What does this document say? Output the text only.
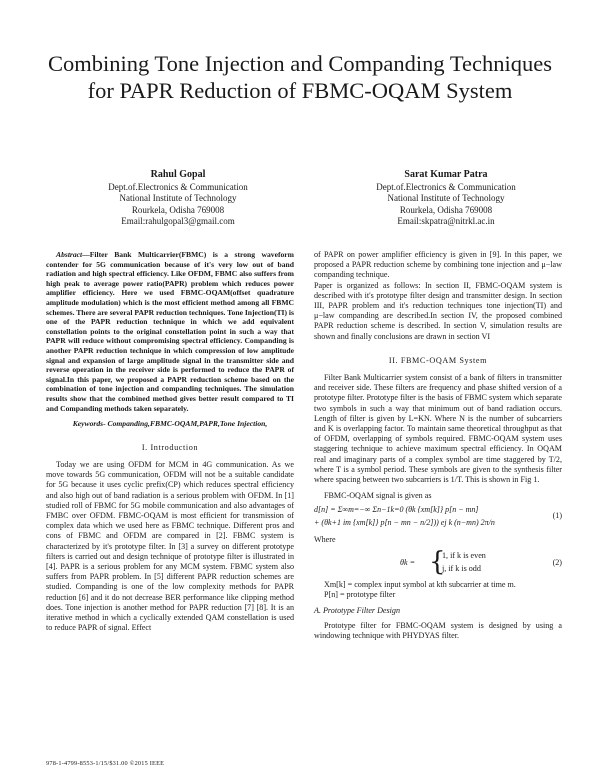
Combining Tone Injection and Companding Techniques for PAPR Reduction of FBMC-OQAM System
Rahul Gopal
Dept.of.Electronics & Communication
National Institute of Technology
Rourkela, Odisha 769008
Email:rahulgopal3@gmail.com
Sarat Kumar Patra
Dept.of.Electronics & Communication
National Institute of Technology
Rourkela, Odisha 769008
Email:skpatra@nitrkl.ac.in

Abstract—Filter Bank Multicarrier(FBMC) is a strong waveform contender for 5G communication because of it's very low out of band radiation and high spectral efficiency. Like OFDM, FBMC also suffers from high peak to average power ratio(PAPR) problem which reduces power amplifier efficiency. Here we used FBMC-OQAM(offset quadrature amplitude modulation) which is the most efficient method among all FBMC schemes. There are several PAPR reduction techniques. Tone Injection(TI) is one of the PAPR reduction technique in which we add equivalent constellation points to the original constellation point in such a way that PAPR will reduce without compromising spectral efficiency. Companding is another PAPR reduction technique in which compression of low amplitude signal and expansion of large amplitude signal in the transmitter side and reverse operation in the receiver side is performed to reduce the PAPR of signal.In this paper, we proposed a PAPR reduction scheme based on the combination of tone injection and companding techniques. The simulation results show that the combined method gives better result compared to TI and Companding methods taken separately.

Keywords- Companding,FBMC-OQAM,PAPR,Tone Injection,

I. Introduction

Today we are using OFDM for MCM in 4G communication. As we move towards 5G communication, OFDM will not be a suitable candidate for 5G because it uses cyclic prefix(CP) which reduces spectral efficiency and also high out of band radiation is a serious problem with OFDM. In [1] studied roll of FBMC for 5G mobile communication and also advantages of FMBC over OFDM. FBMC-OQAM is most efficient for transmission of complex data which we used here as FBMC technique. Different pros and cons of FBMC and OFDM are compared in [2]. FBMC system is characterized by it's prototype filter. In [3] a survey on different prototype filters is carried out and design technique of prototype filter is illustrated in [4]. PAPR is a serious problem for any MCM system. FBMC system also suffers from PAPR problem. In [5] different PAPR reduction schemes are studied. Companding is one of the low complexity methods for PAPR reduction [6] and it do not decrease BER performance like clipping method does. Tone injection is another method for PAPR reduction [7] [8]. It is an iterative method in which a cyclically extended QAM constellation is used to reduce PAPR of signal. Effect

of PAPR on power amplifier efficiency is given in [9]. In this paper, we proposed a PAPR reduction scheme by combining tone injection and μ−law companding technique.

Paper is organized as follows: In section II, FBMC-OQAM system is described with it's prototype filter design and transmitter design. In section III, PAPR problem and it's reduction techniques tone injection(TI) and μ−law companding are described.In section IV, the proposed combined PAPR reduction scheme is described. In section V, simulation results are shown and finally conclusions are drawn in section VI

II. FBMC-OQAM System

Filter Bank Multicarrier system consist of a bank of filters in transmitter and receiver side. These filters are frequency and phase shifted version of a prototype filter. Prototype filter is the basis of FBMC system which separate two symbols in such a way that minimum out of band radiation occurs. Length of filter is given by L=KN. Where N is the number of subcarriers and K is overlapping factor. To maintain same theoretical throughput as that of OFDM, overlapping of symbols required. FBMC-OQAM system uses staggering technique to achieve maximum spectral efficiency. In OQAM real and imaginary parts of a complex symbol are time staggered by T/2, where T is a symbol period. These symbols are given to the synthesis filter where spacing between two subcarriers is 1/T. This is shown in Fig 1.

FBMC-OQAM signal is given as

d[n] = Σ∞m=−∞ Σn−1k=0 (θk {xm[k]} p[n − mn]
+ (θk+1 im {xm[k]} p[n − mn − n/2])) ej k (n−mn) 2π/n
(1)

Where

θk = {
1, if k is even
j, if k is odd
(2)

Xm[k] = complex input symbol at kth subcarrier at time m.

P[n] = prototype filter

A. Prototype Filter Design

Prototype filter for FBMC-OQAM system is designed by using a windowing technique with PHYDYAS filter.

978-1-4799-8553-1/15/$31.00 ©2015 IEEE
